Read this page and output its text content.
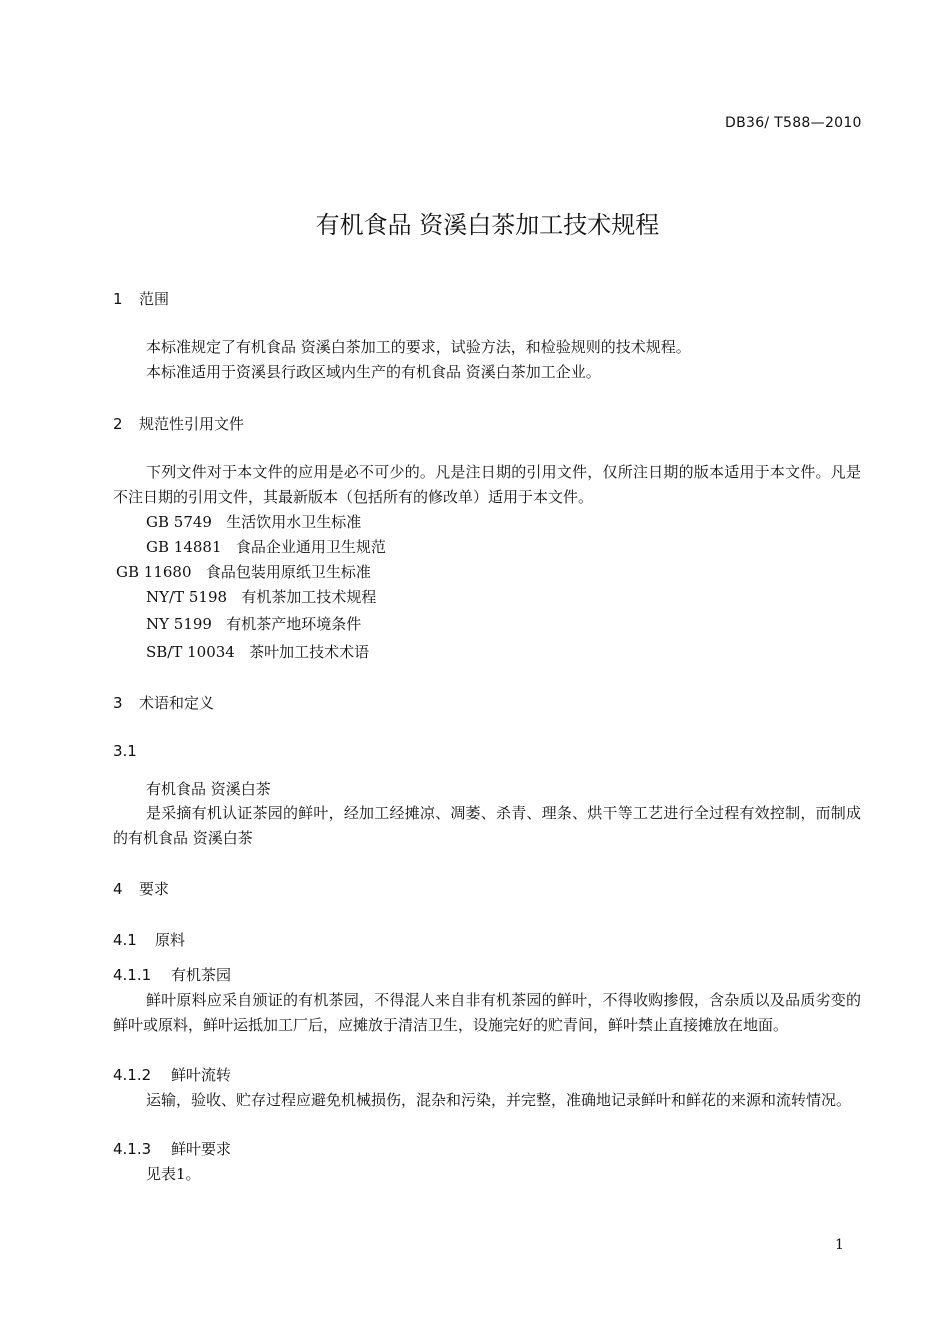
DB36/ T588—2010
有机食品 资溪白茶加工技术规程
1 范围
本标准规定了有机食品 资溪白茶加工的要求，试验方法，和检验规则的技术规程。
本标准适用于资溪县行政区域内生产的有机食品 资溪白茶加工企业。
2 规范性引用文件
下列文件对于本文件的应用是必不可少的。凡是注日期的引用文件，仅所注日期的版本适用于本文件。凡是不注日期的引用文件，其最新版本（包括所有的修改单）适用于本文件。
GB 5749 生活饮用水卫生标准
GB 14881 食品企业通用卫生规范
GB 11680 食品包装用原纸卫生标准
NY/T 5198 有机茶加工技术规程
NY 5199 有机茶产地环境条件
SB/T 10034 茶叶加工技术术语
3 术语和定义
3.1
有机食品 资溪白茶
是采摘有机认证茶园的鲜叶，经加工经摊凉、凋萎、杀青、理条、烘干等工艺进行全过程有效控制，而制成的有机食品 资溪白茶
4 要求
4.1 原料
4.1.1 有机茶园
鲜叶原料应采自颁证的有机茶园，不得混人来自非有机茶园的鲜叶，不得收购掺假，含杂质以及品质劣变的鲜叶或原料，鲜叶运抵加工厂后，应摊放于清洁卫生，设施完好的贮青间，鲜叶禁止直接摊放在地面。
4.1.2 鲜叶流转
运输，验收、贮存过程应避免机械损伤，混杂和污染，并完整，准确地记录鲜叶和鲜花的来源和流转情况。
4.1.3 鲜叶要求
见表1。
1
